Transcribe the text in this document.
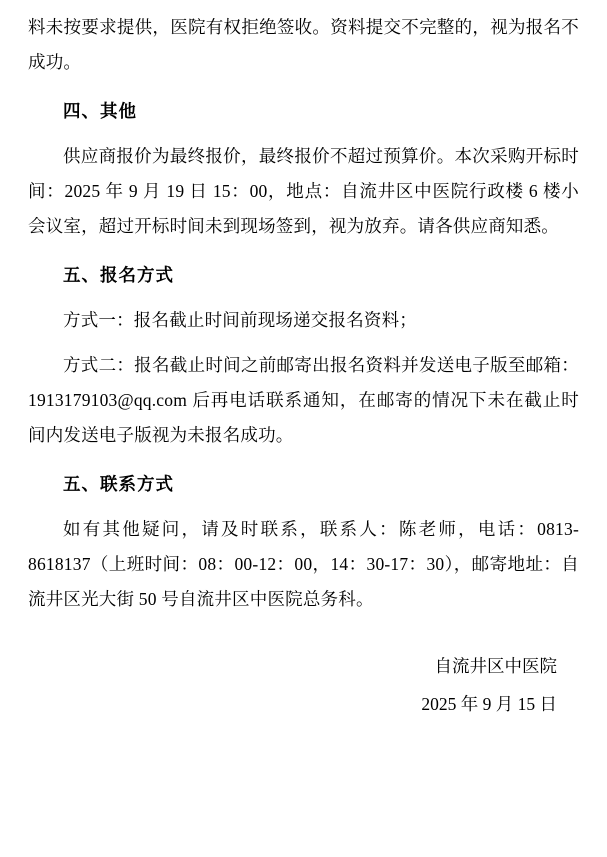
料未按要求提供，医院有权拒绝签收。资料提交不完整的，视为报名不成功。

四、其他

供应商报价为最终报价，最终报价不超过预算价。本次采购开标时间：2025 年 9 月 19 日 15：00，地点：自流井区中医院行政楼 6 楼小会议室，超过开标时间未到现场签到，视为放弃。请各供应商知悉。

五、报名方式

方式一：报名截止时间前现场递交报名资料；

方式二：报名截止时间之前邮寄出报名资料并发送电子版至邮箱：1913179103@qq.com 后再电话联系通知，在邮寄的情况下未在截止时间内发送电子版视为未报名成功。

五、联系方式

如有其他疑问，请及时联系，联系人：陈老师，电话：0813-8618137（上班时间：08：00-12：00，14：30-17：30），邮寄地址：自流井区光大街 50 号自流井区中医院总务科。

自流井区中医院
2025 年 9 月 15 日
